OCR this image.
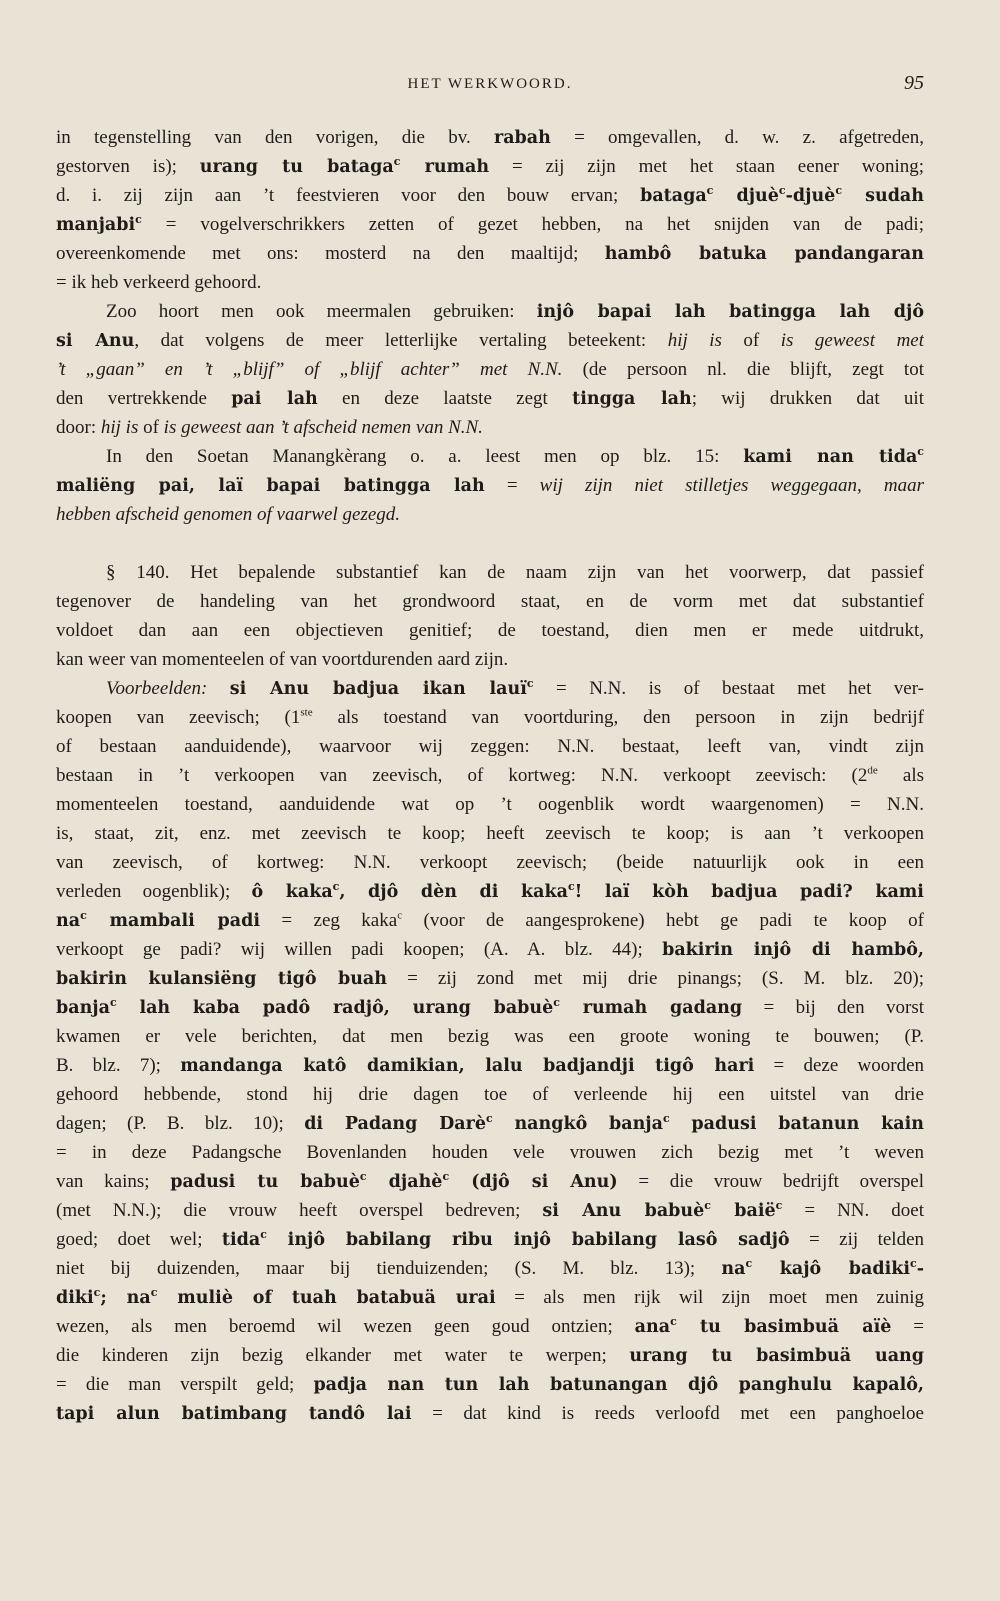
HET WERKWOORD.	95
in tegenstelling van den vorigen, die bv. rabah = omgevallen, d. w. z. afgetreden,
gestorven is); urang tu bataga$^c$ rumah = zij zijn met het staan eener woning;
d. i. zij zijn aan ’t feestvieren voor den bouw ervan; bataga$^c$ djuè$^c$-djuè$^c$ sudah
manjabi$^c$ = vogelverschrikkers zetten of gezet hebben, na het snijden van de padi;
overeenkomende met ons: mosterd na den maaltijd; hambô batuka pandangaran
= ik heb verkeerd gehoord.
Zoo hoort men ook meermalen gebruiken: injô bapai lah batingga lah djô
si Anu, dat volgens de meer letterlijke vertaling beteekent: hij is of is geweest met
’t „gaan” en ’t „blijf” of „blijf achter” met N.N. (de persoon nl. die blijft, zegt tot
den vertrekkende pai lah en deze laatste zegt tingga lah; wij drukken dat uit
door: hij is of is geweest aan ’t afscheid nemen van N.N.
In den Soetan Manangkèrang o. a. leest men op blz. 15: kami nan tida$^c$
maliëng pai, laï bapai batingga lah = wij zijn niet stilletjes weggegaan, maar
hebben afscheid genomen of vaarwel gezegd.
§ 140. Het bepalende substantief kan de naam zijn van het voorwerp, dat passief
tegenover de handeling van het grondwoord staat, en de vorm met dat substantief
voldoet dan aan een objectieven genitief; de toestand, dien men er mede uitdrukt,
kan weer van momenteelen of van voortdurenden aard zijn.
Voorbeelden: si Anu badjua ikan lauï$^c$ = N.N. is of bestaat met het ver-
koopen van zeevisch; (1ste als toestand van voortduring, den persoon in zijn bedrijf
of bestaan aanduidende), waarvoor wij zeggen: N.N. bestaat, leeft van, vindt zijn
bestaan in ’t verkoopen van zeevisch, of kortweg: N.N. verkoopt zeevisch: (2de als
momenteelen toestand, aanduidende wat op ’t oogenblik wordt waargenomen) = N.N.
is, staat, zit, enz. met zeevisch te koop; heeft zeevisch te koop; is aan ’t verkoopen
van zeevisch, of kortweg: N.N. verkoopt zeevisch; (beide natuurlijk ook in een
verleden oogenblik); ô kaka$^c$, djô dèn di kaka$^c$! laï kòh badjua padi? kami
$na^c$ mambali padi = zeg kaka$^c$ (voor de aangesprokene) hebt ge padi te koop of
verkoopt ge padi? wij willen padi koopen; (A. A. blz. 44); bakirin injô di hambô,
bakirin kulansiëng tigô buah = zij zond met mij drie pinangs; (S. M. blz. 20);
banja$^c$ lah kaba padô radjô, urang babuè$^c$ rumah gadang = bij den vorst
kwamen er vele berichten, dat men bezig was een groote woning te bouwen; (P.
B. blz. 7); mandanga katô damikian, lalu badjandji tigô hari = deze woorden
gehoord hebbende, stond hij drie dagen toe of verleende hij een uitstel van drie
dagen; (P. B. blz. 10); di Padang Darè$^c$ nangkô banja$^c$ padusi batanun kain
= in deze Padangsche Bovenlanden houden vele vrouwen zich bezig met ’t weven
van kains; padusi tu babuè$^c$ djahè$^c$ (djô si Anu) = die vrouw bedrijft overspel
(met N.N.); die vrouw heeft overspel bedreven; si Anu babuè$^c$ baië$^c$ = NN. doet
goed; doet wel; tida$^c$ injô babilang ribu injô babilang lasô sadjô = zij telden
niet bij duizenden, maar bij tienduizenden; (S. M. blz. 13); $na^c$ kajô badiki$^c$-
diki$^c$; $na^c$ muliè of tuah batabuä urai = als men rijk wil zijn moet men zuinig
wezen, als men beroemd wil wezen geen goud ontzien; ana$^c$ tu basimbuä aïè =
die kinderen zijn bezig elkander met water te werpen; urang tu basimbuä uang
= die man verspilt geld; padja nan tun lah batunangan djô panghulu kapalô,
tapi alun batimbang tandô lai = dat kind is reeds verloofd met een panghoeloe
